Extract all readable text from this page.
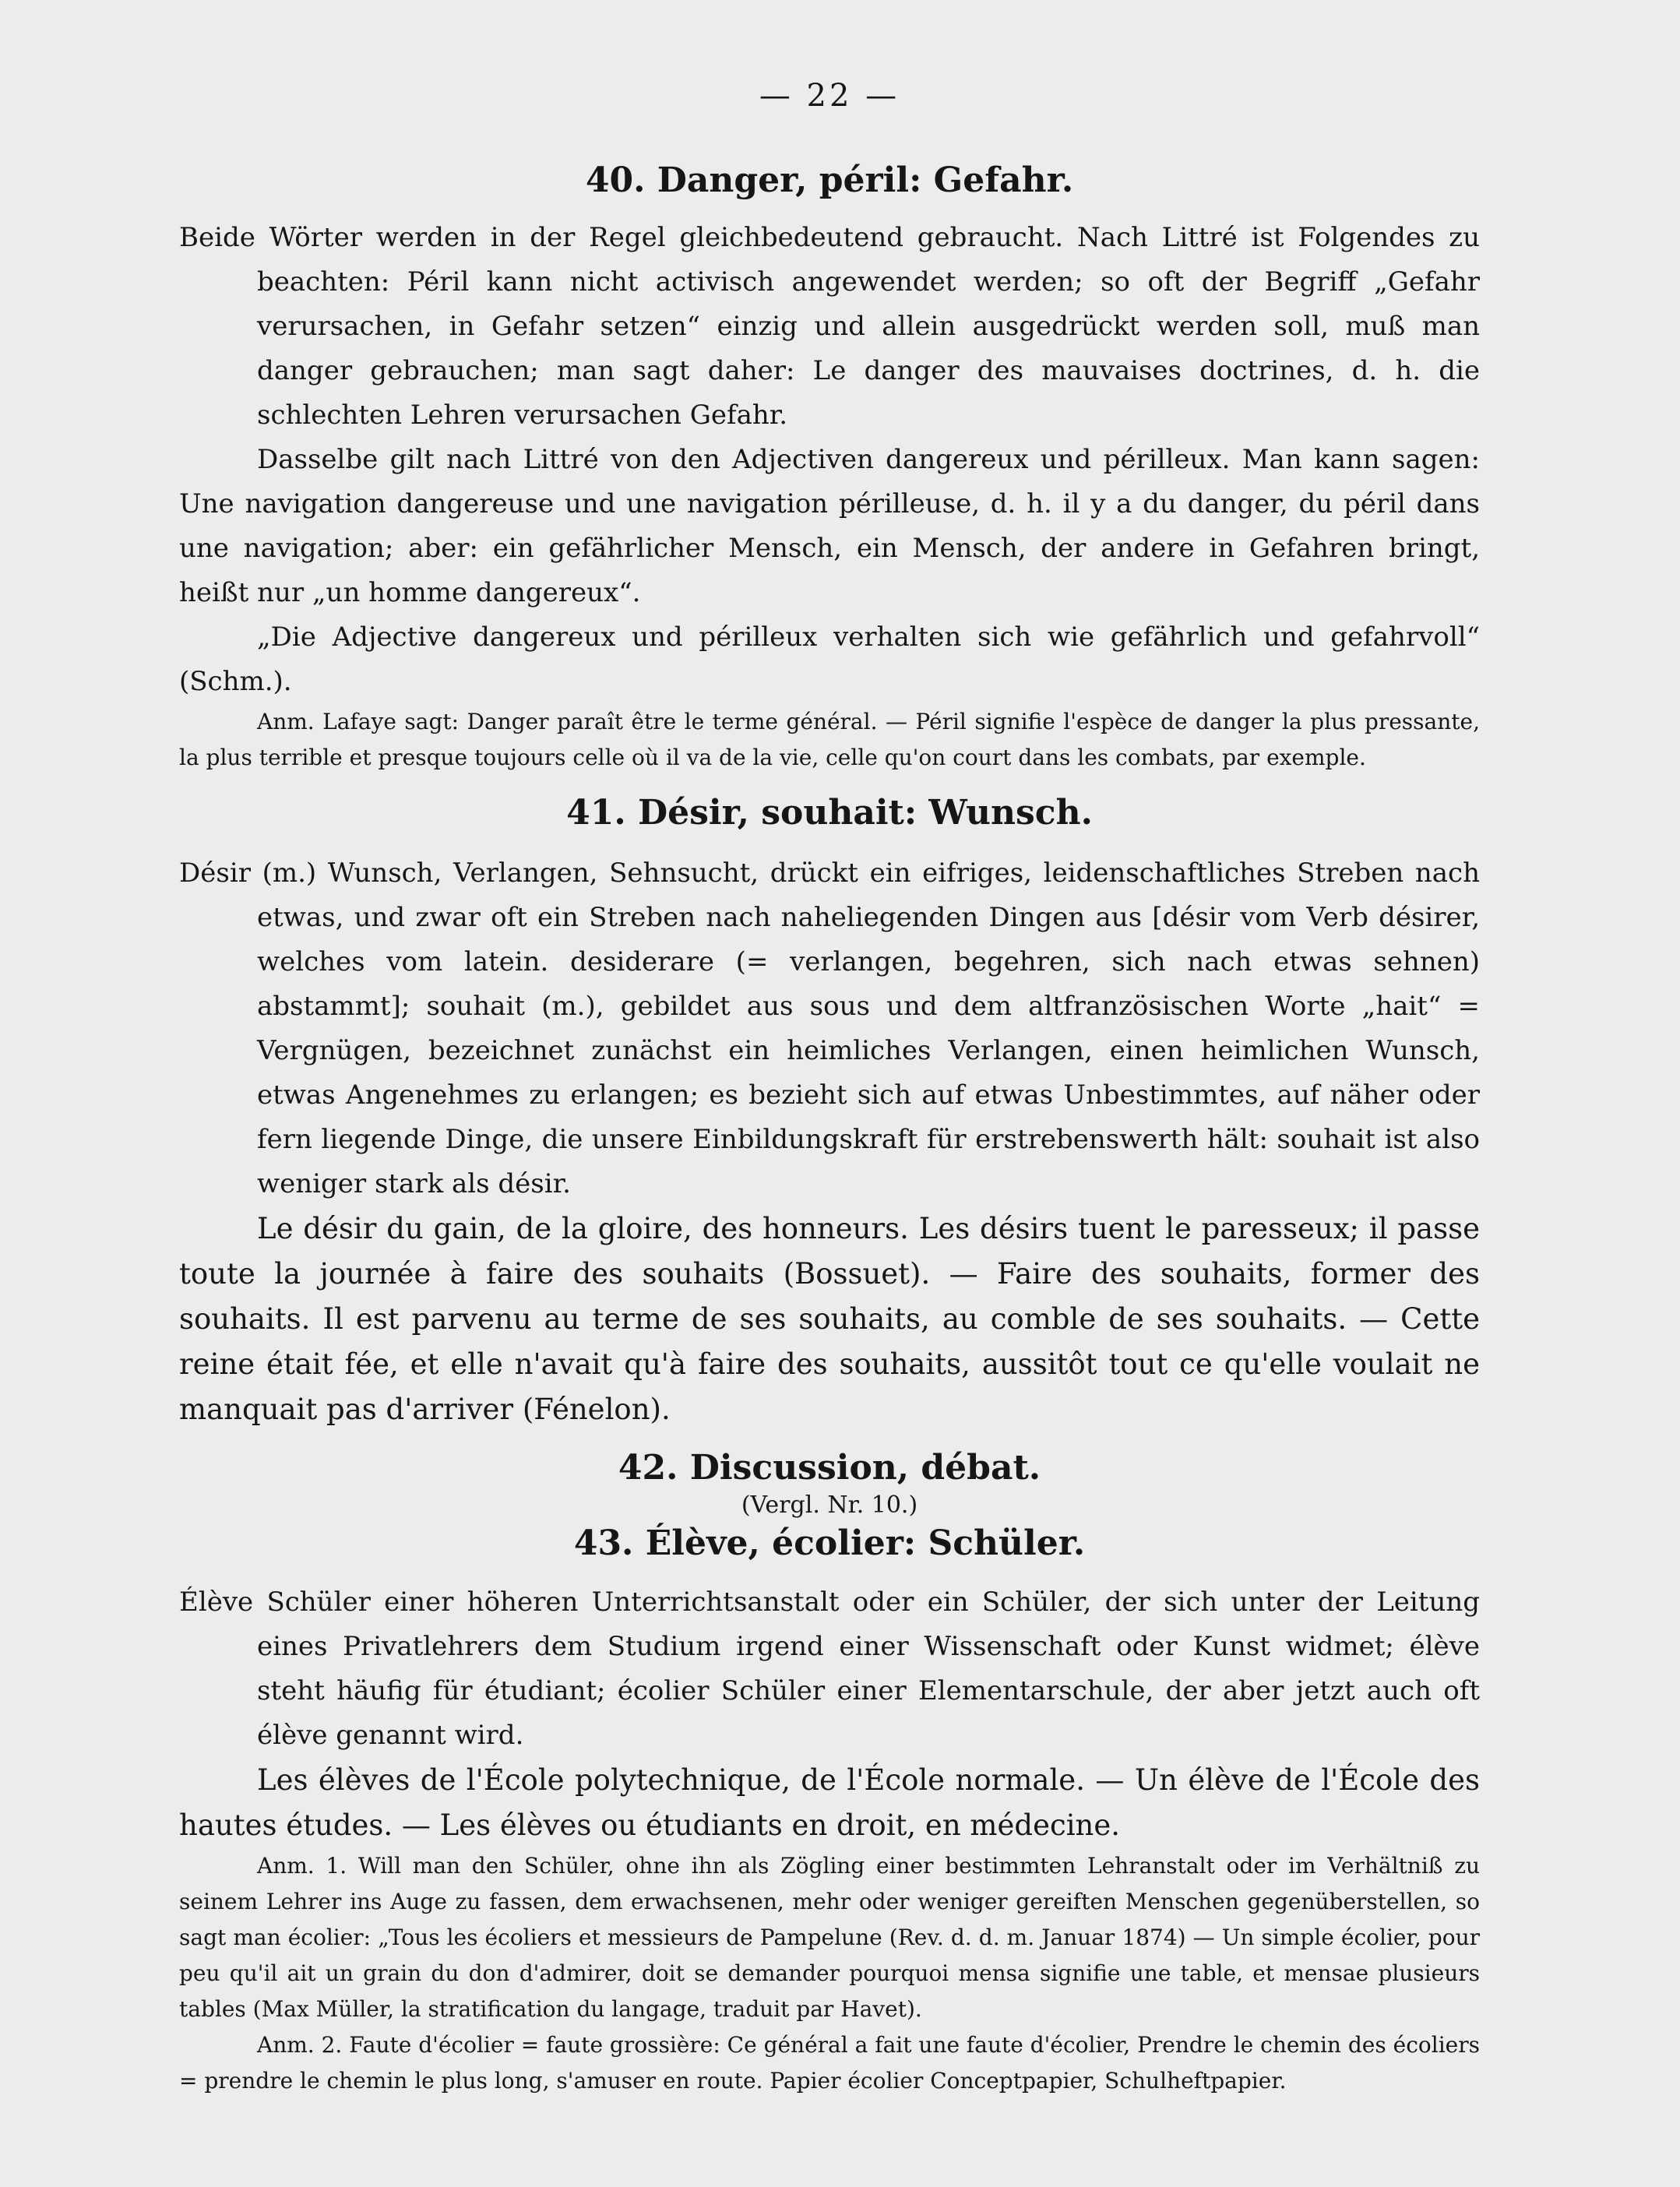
— 22 —
40. Danger, péril: Gefahr.

Beide Wörter werden in der Regel gleichbedeutend gebraucht. Nach Littré ist Folgendes zu beachten: Péril kann nicht activisch angewendet werden; so oft der Begriff „Gefahr verursachen, in Gefahr setzen“ einzig und allein ausgedrückt werden soll, muß man danger gebrauchen; man sagt daher: Le danger des mauvaises doctrines, d. h. die schlechten Lehren verursachen Gefahr.

Dasselbe gilt nach Littré von den Adjectiven dangereux und périlleux. Man kann sagen: Une navigation dangereuse und une navigation périlleuse, d. h. il y a du danger, du péril dans une navigation; aber: ein gefährlicher Mensch, ein Mensch, der andere in Gefahren bringt, heißt nur „un homme dangereux“.

„Die Adjective dangereux und périlleux verhalten sich wie gefährlich und gefahrvoll“ (Schm.).

Anm. Lafaye sagt: Danger paraît être le terme général. — Péril signifie l'espèce de danger la plus pressante, la plus terrible et presque toujours celle où il va de la vie, celle qu'on court dans les combats, par exemple.

41. Désir, souhait: Wunsch.

Désir (m.) Wunsch, Verlangen, Sehnsucht, drückt ein eifriges, leidenschaftliches Streben nach etwas, und zwar oft ein Streben nach naheliegenden Dingen aus [désir vom Verb désirer, welches vom latein. desiderare (= verlangen, begehren, sich nach etwas sehnen) abstammt]; souhait (m.), gebildet aus sous und dem altfranzösischen Worte „hait“ = Vergnügen, bezeichnet zunächst ein heimliches Verlangen, einen heimlichen Wunsch, etwas Angenehmes zu erlangen; es bezieht sich auf etwas Unbestimmtes, auf näher oder fern liegende Dinge, die unsere Einbildungskraft für erstrebenswerth hält: souhait ist also weniger stark als désir.

Le désir du gain, de la gloire, des honneurs. Les désirs tuent le paresseux; il passe toute la journée à faire des souhaits (Bossuet). — Faire des souhaits, former des souhaits. Il est parvenu au terme de ses souhaits, au comble de ses souhaits. — Cette reine était fée, et elle n'avait qu'à faire des souhaits, aussitôt tout ce qu'elle voulait ne manquait pas d'arriver (Fénelon).

42. Discussion, débat.
(Vergl. Nr. 10.)
43. Élève, écolier: Schüler.

Élève Schüler einer höheren Unterrichtsanstalt oder ein Schüler, der sich unter der Leitung eines Privatlehrers dem Studium irgend einer Wissenschaft oder Kunst widmet; élève steht häufig für étudiant; écolier Schüler einer Elementarschule, der aber jetzt auch oft élève genannt wird.

Les élèves de l'École polytechnique, de l'École normale. — Un élève de l'École des hautes études. — Les élèves ou étudiants en droit, en médecine.

Anm. 1. Will man den Schüler, ohne ihn als Zögling einer bestimmten Lehranstalt oder im Verhältniß zu seinem Lehrer ins Auge zu fassen, dem erwachsenen, mehr oder weniger gereiften Menschen gegenüberstellen, so sagt man écolier: „Tous les écoliers et messieurs de Pampelune (Rev. d. d. m. Januar 1874) — Un simple écolier, pour peu qu'il ait un grain du don d'admirer, doit se demander pourquoi mensa signifie une table, et mensae plusieurs tables (Max Müller, la stratification du langage, traduit par Havet).

Anm. 2. Faute d'écolier = faute grossière: Ce général a fait une faute d'écolier, Prendre le chemin des écoliers = prendre le chemin le plus long, s'amuser en route. Papier écolier Conceptpapier, Schulheftpapier.
